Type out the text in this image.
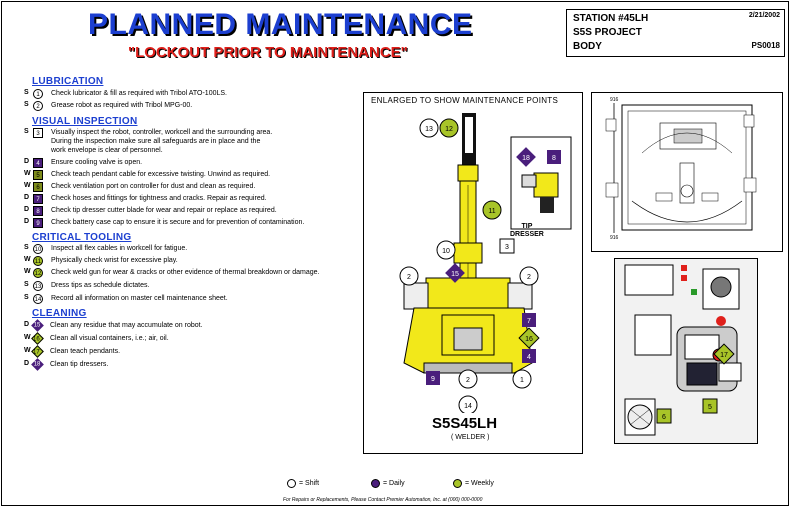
PLANNED MAINTENANCE
"LOCKOUT PRIOR TO MAINTENANCE"
STATION #45LH
S5S PROJECT
BODY
2/21/2002
PS0018
LUBRICATION
VISUAL INSPECTION
CRITICAL TOOLING
CLEANING
S	1	Check lubricator & fill as required with Tribol ATO-100LS.
S	2	Grease robot as required with Tribol MPG-00.
S	3	Visually inspect the robot, controller, workcell and the surrounding area.
During the inspection make sure all safeguards are in place and the
work envelope is clear of personnel.
D	4	Ensure cooling valve is open.
W 5	Check teach pendant cable for excessive twisting. Unwind as required.
W 6	Check ventilation port on controller for dust and clean as required.
D	7	Check hoses and fittings for tightness and cracks. Repair as required.
D	8	Check tip dresser cutter blade for wear and repair or replace as required.
D	9	Check battery case cap to ensure it is secure and for prevention of contamination.
S 10 Inspect all flex cables in workcell for fatigue.
W 11 Physically check wrist for excessive play.
W 12 Check weld gun for wear & cracks or other evidence of thermal breakdown or damage.
S 13 Dress tips as schedule dictates.
S 14 Record all information on master cell maintenance sheet.
D 15	Clean any residue that may accumulate on robot.
W 16	Clean all visual containers, i.e.; air, oil.
W 17	Clean teach pendants.
D 18	Clean tip dressers.
ENLARGED TO SHOW MAINTENANCE POINTS
13 12
11
10
3
2	2
15
7
16
4
9	2	1
14
18	8
TIP
DRESSER
S5S45LH
( WELDER )
916
916
6
5
17
= Shift	= Daily	= Weekly
For Repairs or Replacements, Please Contact Premier Automation, Inc. at (000) 000-0000
